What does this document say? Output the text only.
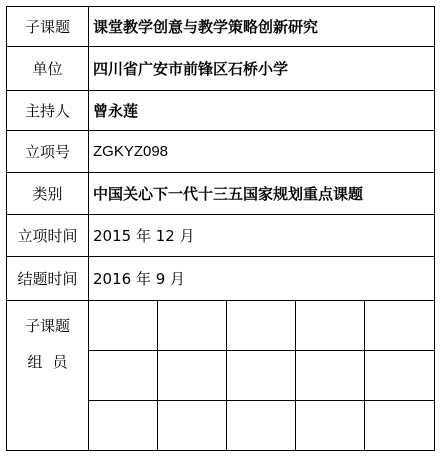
子课题	课堂教学创意与教学策略创新研究				
单位	四川省广安市前锋区石桥小学				
主持人	曾永莲				
立项号	ZGKYZ098				
类别	中国关心下一代十三五国家规划重点课题				
立项时间	2015 年 12 月				
结题时间	2016 年 9 月				

子课题
组员					
